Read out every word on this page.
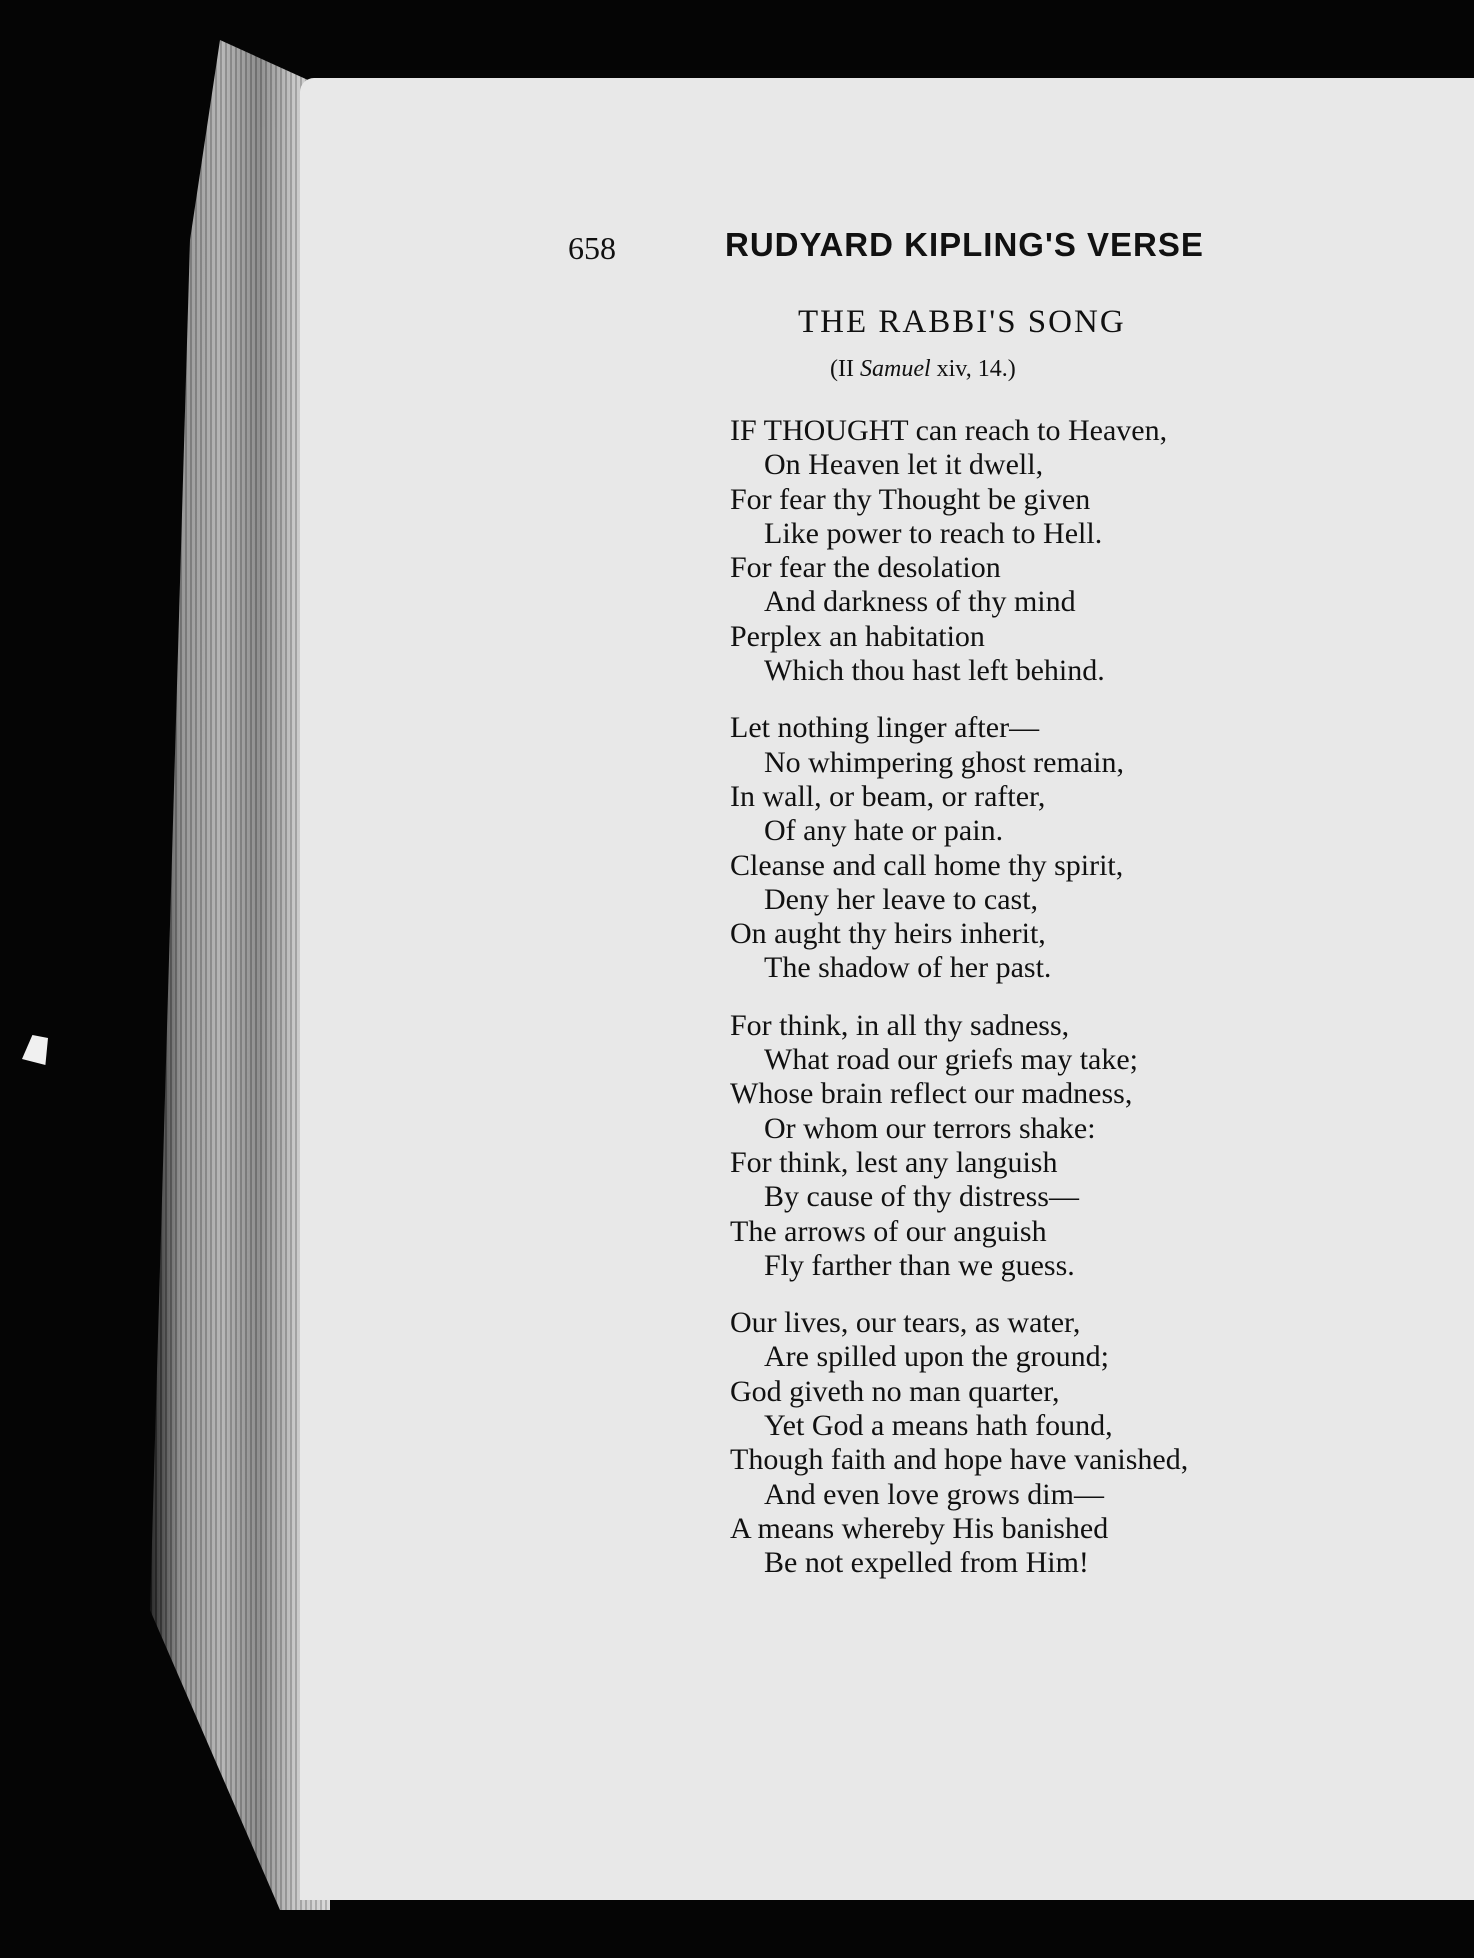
658	RUDYARD KIPLING'S VERSE
THE RABBI'S SONG
(II Samuel xiv, 14.)
IF THOUGHT can reach to Heaven,
On Heaven let it dwell,
For fear thy Thought be given
Like power to reach to Hell.
For fear the desolation
And darkness of thy mind
Perplex an habitation
Which thou hast left behind.
Let nothing linger after—
No whimpering ghost remain,
In wall, or beam, or rafter,
Of any hate or pain.
Cleanse and call home thy spirit,
Deny her leave to cast,
On aught thy heirs inherit,
The shadow of her past.
For think, in all thy sadness,
What road our griefs may take;
Whose brain reflect our madness,
Or whom our terrors shake:
For think, lest any languish
By cause of thy distress—
The arrows of our anguish
Fly farther than we guess.
Our lives, our tears, as water,
Are spilled upon the ground;
God giveth no man quarter,
Yet God a means hath found,
Though faith and hope have vanished,
And even love grows dim—
A means whereby His banished
Be not expelled from Him!
